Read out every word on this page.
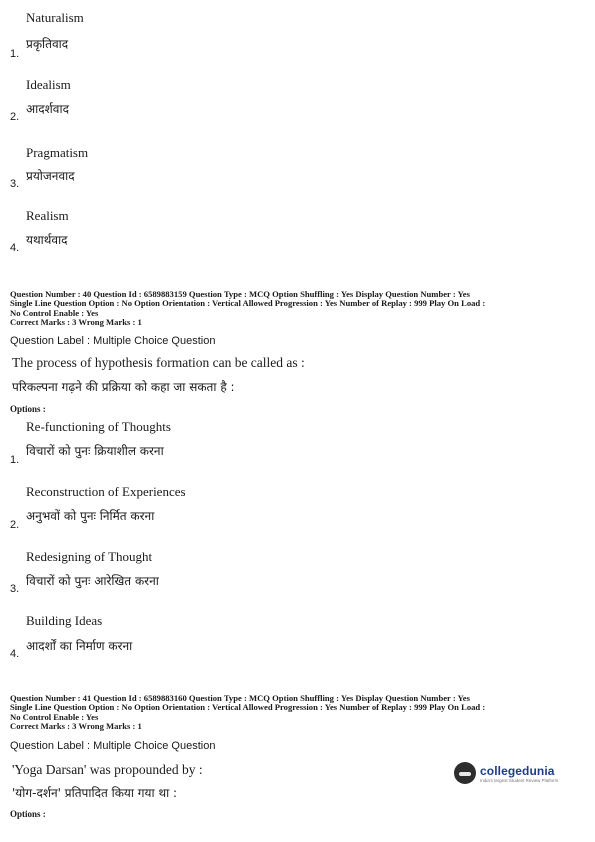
Naturalism
प्रकृतिवाद
1.
Idealism
आदर्शवाद
2.
Pragmatism
प्रयोजनवाद
3.
Realism
यथार्थवाद
4.
Question Number : 40 Question Id : 6589883159 Question Type : MCQ Option Shuffling : Yes Display Question Number : Yes
Single Line Question Option : No Option Orientation : Vertical Allowed Progression : Yes Number of Replay : 999 Play On Load :
No Control Enable : Yes
Correct Marks : 3 Wrong Marks : 1
Question Label : Multiple Choice Question
The process of hypothesis formation can be called as :
परिकल्पना गढ़ने की प्रक्रिया को कहा जा सकता है :
Options :
Re-functioning of Thoughts
विचारों को पुनः क्रियाशील करना
1.
Reconstruction of Experiences
अनुभवों को पुनः निर्मित करना
2.
Redesigning of Thought
विचारों को पुनः आरेखित करना
3.
Building Ideas
आदर्शों का निर्माण करना
4.
Question Number : 41 Question Id : 6589883160 Question Type : MCQ Option Shuffling : Yes Display Question Number : Yes
Single Line Question Option : No Option Orientation : Vertical Allowed Progression : Yes Number of Replay : 999 Play On Load :
No Control Enable : Yes
Correct Marks : 3 Wrong Marks : 1
Question Label : Multiple Choice Question
'Yoga Darsan' was propounded by :
'योग-दर्शन' प्रतिपादित किया गया था :
Options :
collegedunia
India's largest Student Review Platform
